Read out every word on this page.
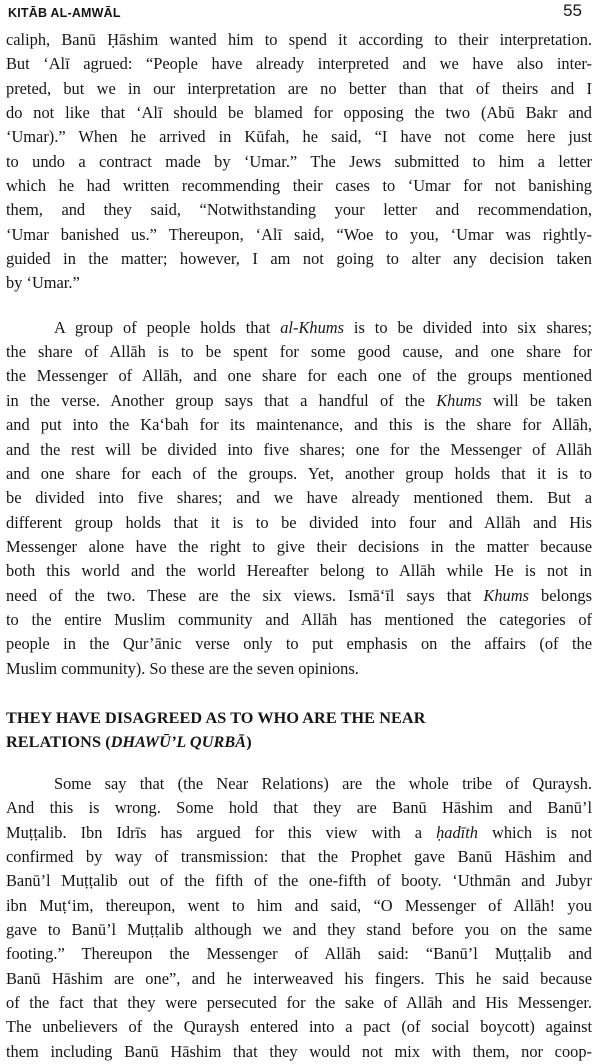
KITĀB AL-AMWĀL	55

caliph, Banū Ḥāshim wanted him to spend it according to their interpretation.
But ‘Alī agrued: “People have already interpreted and we have also inter-
preted, but we in our interpretation are no better than that of theirs and I
do not like that ‘Alī should be blamed for opposing the two (Abū Bakr and
‘Umar).” When he arrived in Kūfah, he said, “I have not come here just
to undo a contract made by ‘Umar.” The Jews submitted to him a letter
which he had written recommending their cases to ‘Umar for not banishing
them, and they said, “Notwithstanding your letter and recommendation,
‘Umar banished us.” Thereupon, ‘Alī said, “Woe to you, ‘Umar was rightly-
guided in the matter; however, I am not going to alter any decision taken
by ‘Umar.”

A group of people holds that al-Khums is to be divided into six shares;
the share of Allāh is to be spent for some good cause, and one share for
the Messenger of Allāh, and one share for each one of the groups mentioned
in the verse. Another group says that a handful of the Khums will be taken
and put into the Ka‘bah for its maintenance, and this is the share for Allāh,
and the rest will be divided into five shares; one for the Messenger of Allāh
and one share for each of the groups. Yet, another group holds that it is to
be divided into five shares; and we have already mentioned them. But a
different group holds that it is to be divided into four and Allāh and His
Messenger alone have the right to give their decisions in the matter because
both this world and the world Hereafter belong to Allāh while He is not in
need of the two. These are the six views. Ismā‘īl says that Khums belongs
to the entire Muslim community and Allāh has mentioned the categories of
people in the Qur’ānic verse only to put emphasis on the affairs (of the
Muslim community). So these are the seven opinions.

THEY HAVE DISAGREED AS TO WHO ARE THE NEAR
RELATIONS (DHAWŪ’L QURBĀ)

Some say that (the Near Relations) are the whole tribe of Quraysh.
And this is wrong. Some hold that they are Banū Hāshim and Banū’l
Muṭṭalib. Ibn Idrīs has argued for this view with a ḥadīth which is not
confirmed by way of transmission: that the Prophet gave Banū Hāshim and
Banū’l Muṭṭalib out of the fifth of the one-fifth of booty. ‘Uthmān and Jubyr
ibn Muṭ‘im, thereupon, went to him and said, “O Messenger of Allāh! you
gave to Banū’l Muṭṭalib although we and they stand before you on the same
footing.” Thereupon the Messenger of Allāh said: “Banū’l Muṭṭalib and
Banū Hāshim are one”, and he interweaved his fingers. This he said because
of the fact that they were persecuted for the sake of Allāh and His Messenger.
The unbelievers of the Quraysh entered into a pact (of social boycott) against
them including Banū Hāshim that they would not mix with them, nor coop-
